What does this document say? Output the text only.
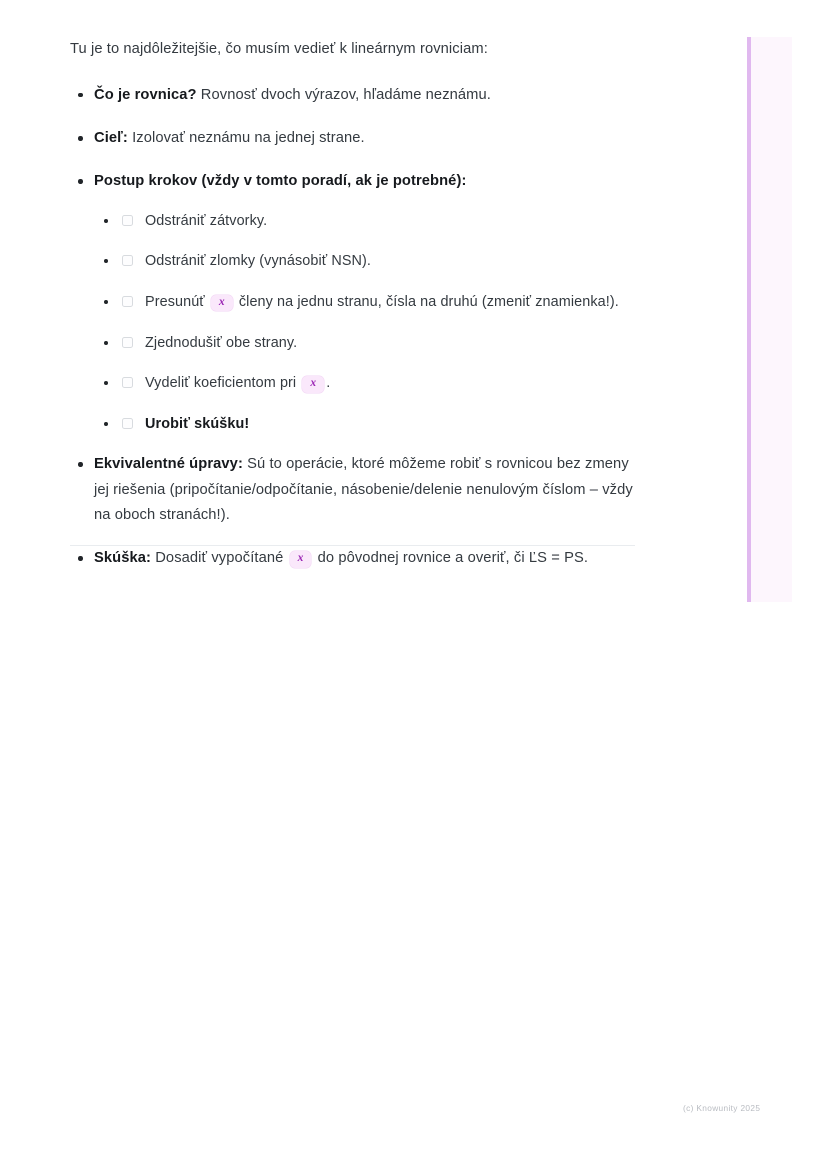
Tu je to najdôležitejšie, čo musím vedieť k lineárnym rovniciam:

Čo je rovnica? Rovnosť dvoch výrazov, hľadáme neznámu.
Cieľ: Izolovať neznámu na jednej strane.
Postup krokov (vždy v tomto poradí, ak je potrebné):
Odstrániť zátvorky.
Odstrániť zlomky (vynásobiť NSN).
Presunúť x členy na jednu stranu, čísla na druhú (zmeniť znamienka!).
Zjednodušiť obe strany.
Vydeliť koeficientom pri x .
Urobiť skúšku!
Ekvivalentné úpravy: Sú to operácie, ktoré môžeme robiť s rovnicou bez zmeny jej riešenia (pripočítanie/odpočítanie, násobenie/delenie nenulovým číslom – vždy na oboch stranách!).
Skúška: Dosadiť vypočítané x do pôvodnej rovnice a overiť, či ĽS = PS.
(c) Knowunity 2025
